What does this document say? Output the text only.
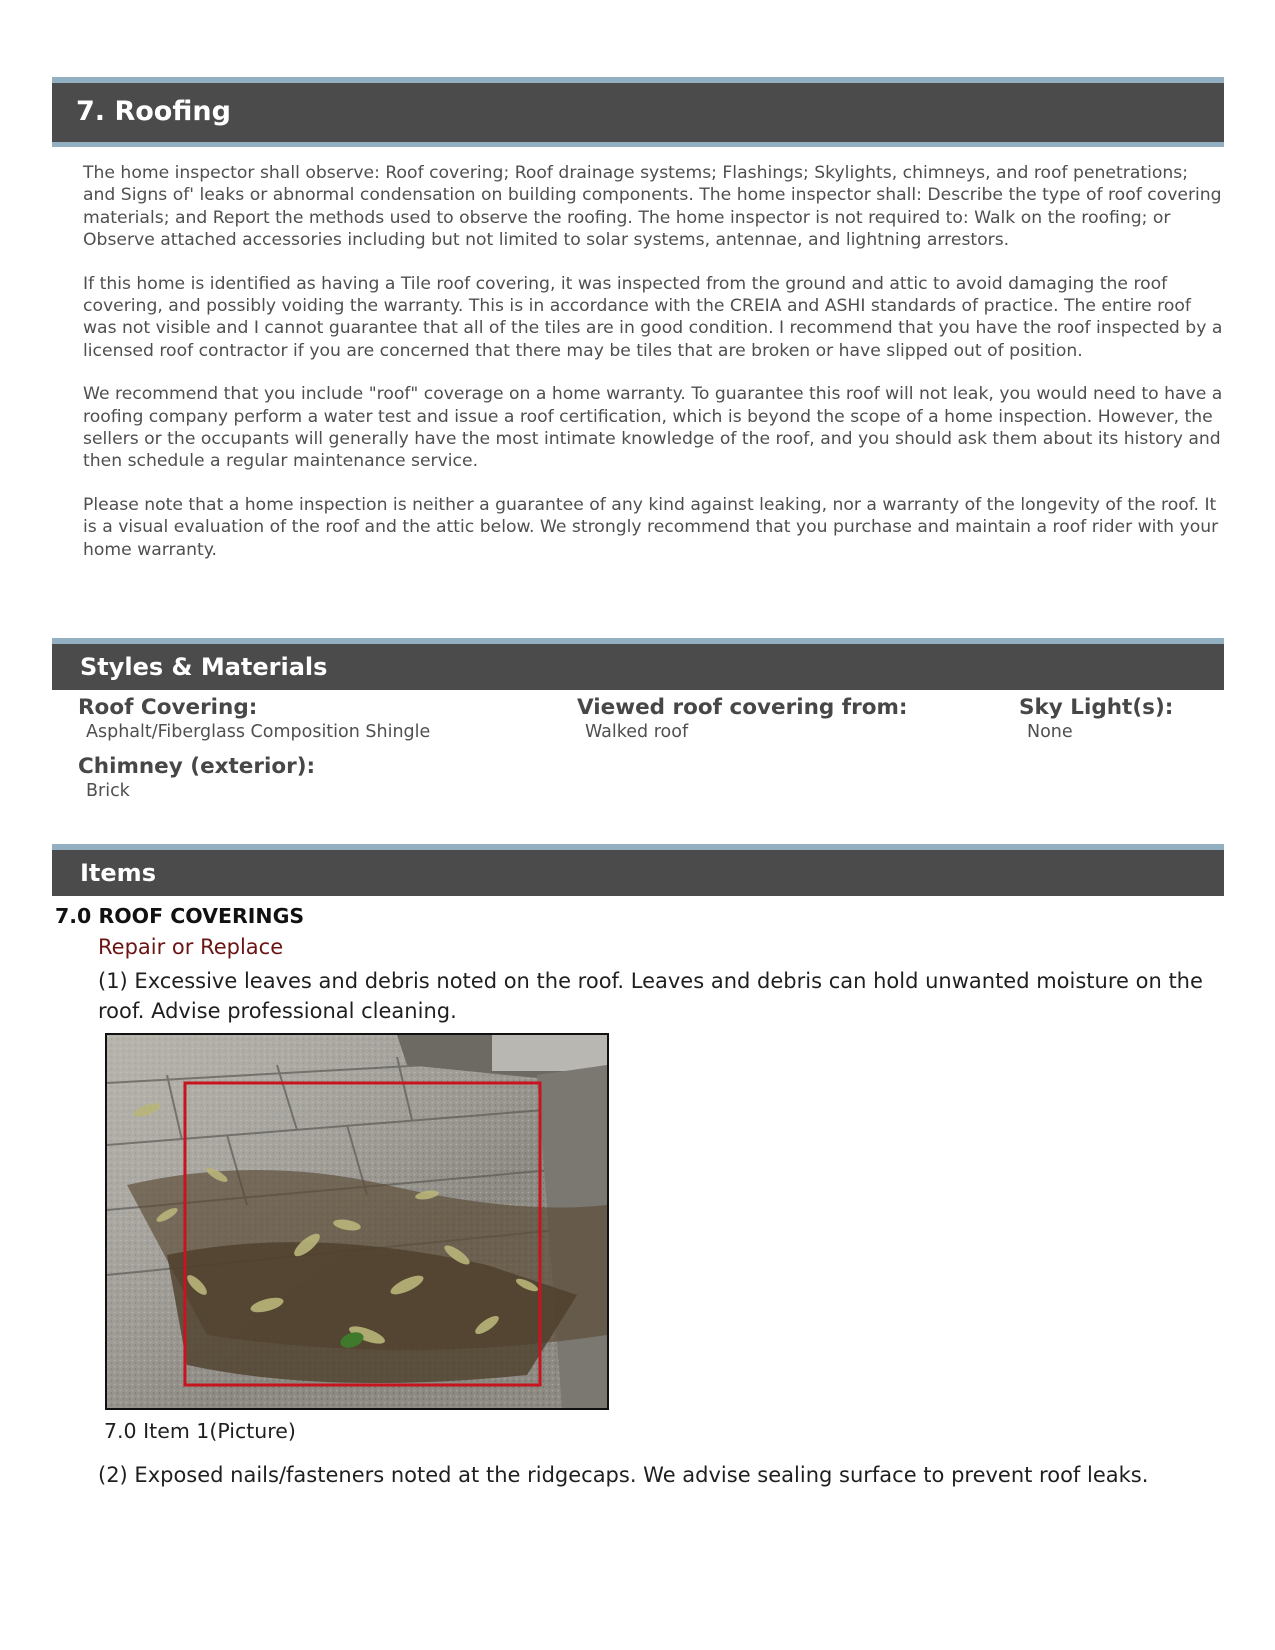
7. Roofing

The home inspector shall observe: Roof covering; Roof drainage systems; Flashings; Skylights, chimneys, and roof penetrations; and Signs of' leaks or abnormal condensation on building components. The home inspector shall: Describe the type of roof covering materials; and Report the methods used to observe the roofing. The home inspector is not required to: Walk on the roofing; or Observe attached accessories including but not limited to solar systems, antennae, and lightning arrestors.

If this home is identified as having a Tile roof covering, it was inspected from the ground and attic to avoid damaging the roof covering, and possibly voiding the warranty. This is in accordance with the CREIA and ASHI standards of practice. The entire roof was not visible and I cannot guarantee that all of the tiles are in good condition. I recommend that you have the roof inspected by a licensed roof contractor if you are concerned that there may be tiles that are broken or have slipped out of position.

We recommend that you include "roof" coverage on a home warranty. To guarantee this roof will not leak, you would need to have a roofing company perform a water test and issue a roof certification, which is beyond the scope of a home inspection. However, the sellers or the occupants will generally have the most intimate knowledge of the roof, and you should ask them about its history and then schedule a regular maintenance service.

Please note that a home inspection is neither a guarantee of any kind against leaking, nor a warranty of the longevity of the roof. It is a visual evaluation of the roof and the attic below. We strongly recommend that you purchase and maintain a roof rider with your home warranty.

Styles & Materials
Roof Covering:
Asphalt/Fiberglass Composition Shingle
Viewed roof covering from:
Walked roof
Sky Light(s):
None
Chimney (exterior):
Brick
Items
7.0 ROOF COVERINGS
Repair or Replace

(1) Excessive leaves and debris noted on the roof. Leaves and debris can hold unwanted moisture on the roof. Advise professional cleaning.

7.0 Item 1(Picture)

(2) Exposed nails/fasteners noted at the ridgecaps. We advise sealing surface to prevent roof leaks.
